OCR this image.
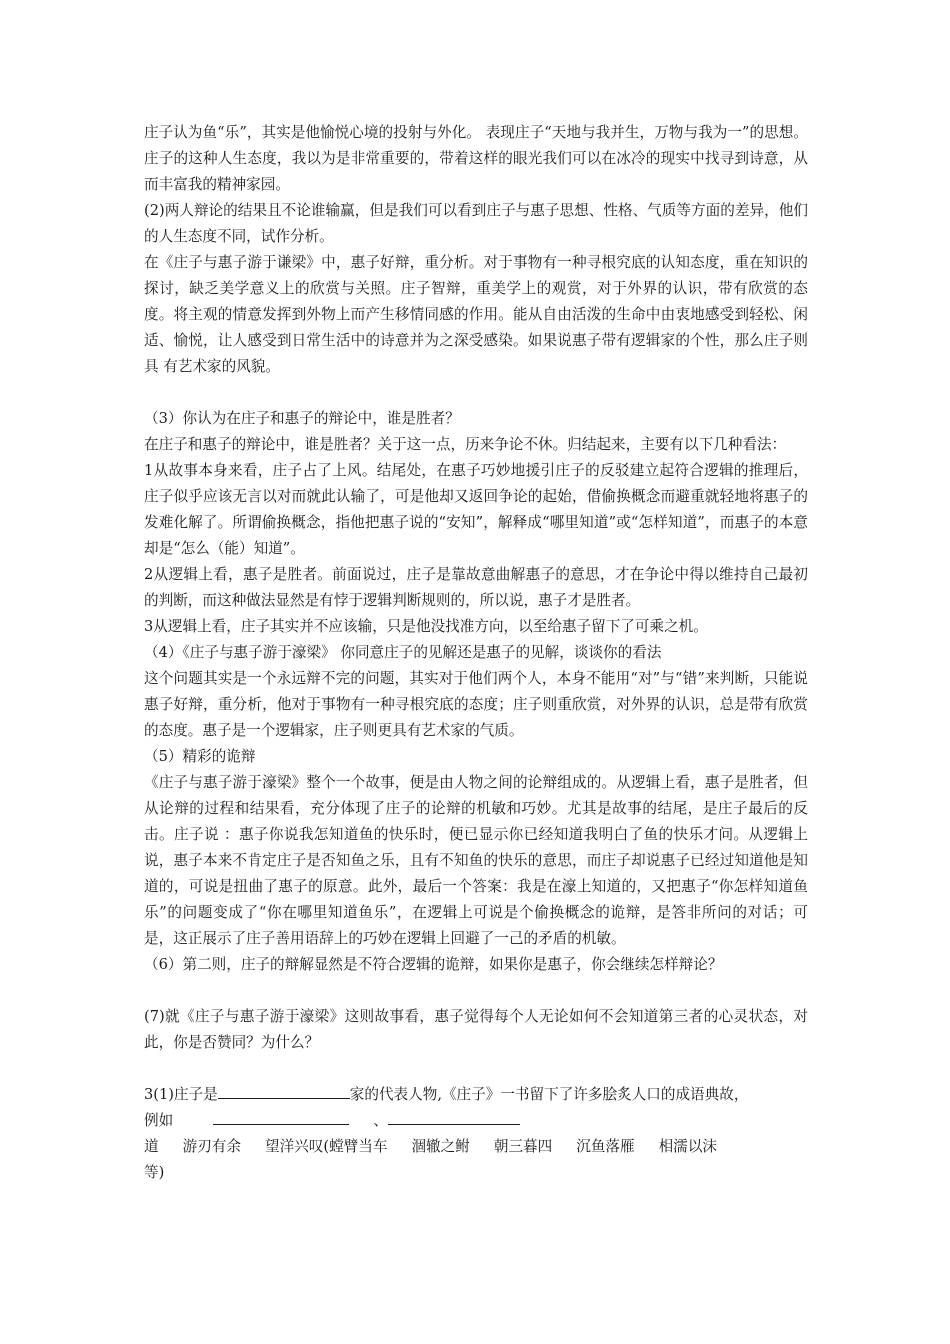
庄子认为鱼“乐”，其实是他愉悦心境的投射与外化。 表现庄子“天地与我并生，万物与我为一”的思想。 庄子的这种人生态度，我以为是非常重要的，带着这样的眼光我们可以在冰冷的现实中找寻到诗意，从而丰富我的精神家园。

(2)两人辩论的结果且不论谁输赢，但是我们可以看到庄子与惠子思想、性格、气质等方面的差异，他们的人生态度不同，试作分析。

在《庄子与惠子游于谦梁》中，惠子好辩，重分析。对于事物有一种寻根究底的认知态度，重在知识的探讨，缺乏美学意义上的欣赏与关照。庄子智辩，重美学上的观赏，对于外界的认识，带有欣赏的态度。将主观的情意发挥到外物上而产生移情同感的作用。能从自由活泼的生命中由衷地感受到轻松、闲适、愉悦，让人感受到日常生活中的诗意并为之深受感染。如果说惠子带有逻辑家的个性，那么庄子则具 有艺术家的风貌。

（3）你认为在庄子和惠子的辩论中，谁是胜者？

在庄子和惠子的辩论中，谁是胜者？关于这一点，历来争论不休。归结起来，主要有以下几种看法：

1从故事本身来看，庄子占了上风。结尾处，在惠子巧妙地援引庄子的反驳建立起符合逻辑的推理后，庄子似乎应该无言以对而就此认输了，可是他却又返回争论的起始，借偷换概念而避重就轻地将惠子的发难化解了。所谓偷换概念，指他把惠子说的“安知”，解释成“哪里知道”或“怎样知道”，而惠子的本意却是“怎么（能）知道”。

2从逻辑上看，惠子是胜者。前面说过，庄子是靠故意曲解惠子的意思，才在争论中得以维持自己最初的判断，而这种做法显然是有悖于逻辑判断规则的，所以说，惠子才是胜者。

3从逻辑上看，庄子其实并不应该输，只是他没找准方向，以至给惠子留下了可乘之机。

（4）《庄子与惠子游于濠梁》 你同意庄子的见解还是惠子的见解，谈谈你的看法

这个问题其实是一个永远辩不完的问题，其实对于他们两个人，本身不能用“对”与“错”来判断，只能说惠子好辩，重分析，他对于事物有一种寻根究底的态度；庄子则重欣赏，对外界的认识，总是带有欣赏的态度。惠子是一个逻辑家，庄子则更具有艺术家的气质。

（5）精彩的诡辩

《庄子与惠子游于濠梁》整个一个故事，便是由人物之间的论辩组成的。从逻辑上看，惠子是胜者，但从论辩的过程和结果看，充分体现了庄子的论辩的机敏和巧妙。尤其是故事的结尾，是庄子最后的反击。庄子说 ：惠子你说我怎知道鱼的快乐时，便已显示你已经知道我明白了鱼的快乐才问。从逻辑上说，惠子本来不肯定庄子是否知鱼之乐，且有不知鱼的快乐的意思，而庄子却说惠子已经过知道他是知道的，可说是扭曲了惠子的原意。此外，最后一个答案：我是在濠上知道的，又把惠子“你怎样知道鱼乐”的问题变成了“你在哪里知道鱼乐”，在逻辑上可说是个偷换概念的诡辩，是答非所问的对话；可是，这正展示了庄子善用语辞上的巧妙在逻辑上回避了一己的矛盾的机敏。

（6）第二则，庄子的辩解显然是不符合逻辑的诡辩，如果你是惠子，你会继续怎样辩论？

(7)就《庄子与惠子游于濠梁》这则故事看，惠子觉得每个人无论如何不会知道第三者的心灵状态，对此，你是否赞同？为什么？

3(1)庄子是	家的代表人物,《庄子》一书留下了许多脍炙人口的成语典故，

例如	、

道 游刃有余 望洋兴叹(螳臂当车 涸辙之鲋 朝三暮四 沉鱼落雁 相濡以沫

等)
